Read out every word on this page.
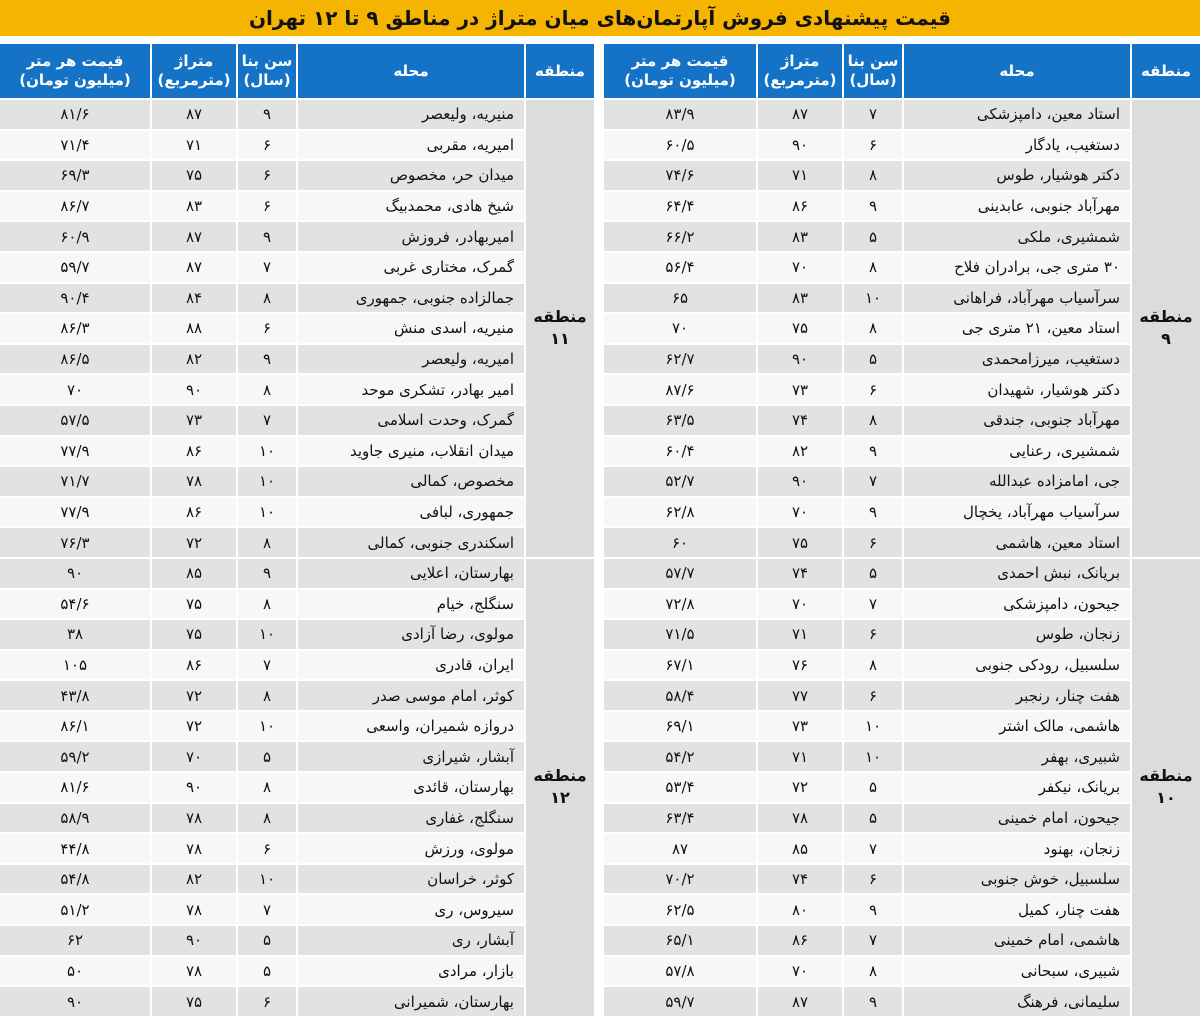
قیمت پیشنهادی فروش آپارتمان‌های میان متراژ در مناطق ۹ تا ۱۲ تهران
منطقه	محله	سن بنا (سال)	متراژ (مترمربع)	قیمت هر متر (میلیون تومان)
منطقه ۹	استاد معین، دامپزشکی	۷	۸۷	۸۳/۹
	دستغیب، یادگار	۶	۹۰	۶۰/۵
	دکتر هوشیار، طوس	۸	۷۱	۷۴/۶
	مهرآباد جنوبی، عابدینی	۹	۸۶	۶۴/۴
	شمشیری، ملکی	۵	۸۳	۶۶/۲
	۳۰ متری جی، برادران فلاح	۸	۷۰	۵۶/۴
	سرآسیاب مهرآباد، فراهانی	۱۰	۸۳	۶۵
	استاد معین، ۲۱ متری جی	۸	۷۵	۷۰
	دستغیب، میرزامحمدی	۵	۹۰	۶۲/۷
	دکتر هوشیار، شهیدان	۶	۷۳	۸۷/۶
	مهرآباد جنوبی، جندقی	۸	۷۴	۶۳/۵
	شمشیری، رعنایی	۹	۸۲	۶۰/۴
	جی، امامزاده عبدالله	۷	۹۰	۵۲/۷
	سرآسیاب مهرآباد، یخچال	۹	۷۰	۶۲/۸
	استاد معین، هاشمی	۶	۷۵	۶۰
منطقه ۱۰	بریانک، نبش احمدی	۵	۷۴	۵۷/۷
	جیحون، دامپزشکی	۷	۷۰	۷۲/۸
	زنجان، طوس	۶	۷۱	۷۱/۵
	سلسبیل، رودکی جنوبی	۸	۷۶	۶۷/۱
	هفت چنار، رنجبر	۶	۷۷	۵۸/۴
	هاشمی، مالک اشتر	۱۰	۷۳	۶۹/۱
	شبیری، بهفر	۱۰	۷۱	۵۴/۲
	بریانک، نیکفر	۵	۷۲	۵۳/۴
	جیحون، امام خمینی	۵	۷۸	۶۳/۴
	زنجان، بهنود	۷	۸۵	۸۷
	سلسبیل، خوش جنوبی	۶	۷۴	۷۰/۲
	هفت چنار، کمیل	۹	۸۰	۶۲/۵
	هاشمی، امام خمینی	۷	۸۶	۶۵/۱
	شبیری، سبحانی	۸	۷۰	۵۷/۸
	سلیمانی، فرهنگ	۹	۸۷	۵۹/۷
منطقه	محله	سن بنا (سال)	متراژ (مترمربع)	قیمت هر متر (میلیون تومان)
منطقه ۱۱	منیریه، ولیعصر	۹	۸۷	۸۱/۶
	امیریه، مقربی	۶	۷۱	۷۱/۴
	میدان حر، مخصوص	۶	۷۵	۶۹/۳
	شیخ هادی، محمدبیگ	۶	۸۳	۸۶/۷
	امیربهادر، فروزش	۹	۸۷	۶۰/۹
	گمرک، مختاری غربی	۷	۸۷	۵۹/۷
	جمالزاده جنوبی، جمهوری	۸	۸۴	۹۰/۴
	منیریه، اسدی منش	۶	۸۸	۸۶/۳
	امیریه، ولیعصر	۹	۸۲	۸۶/۵
	امیر بهادر، تشکری موحد	۸	۹۰	۷۰
	گمرک، وحدت اسلامی	۷	۷۳	۵۷/۵
	میدان انقلاب، منیری جاوید	۱۰	۸۶	۷۷/۹
	مخصوص، کمالی	۱۰	۷۸	۷۱/۷
	جمهوری، لبافی	۱۰	۸۶	۷۷/۹
	اسکندری جنوبی، کمالی	۸	۷۲	۷۶/۳
منطقه ۱۲	بهارستان، اعلایی	۹	۸۵	۹۰
	سنگلج، خیام	۸	۷۵	۵۴/۶
	مولوی، رضا آزادی	۱۰	۷۵	۳۸
	ایران، قادری	۷	۸۶	۱۰۵
	کوثر، امام موسی صدر	۸	۷۲	۴۳/۸
	دروازه شمیران، واسعی	۱۰	۷۲	۸۶/۱
	آبشار، شیرازی	۵	۷۰	۵۹/۲
	بهارستان، قائدی	۸	۹۰	۸۱/۶
	سنگلج، غفاری	۸	۷۸	۵۸/۹
	مولوی، ورزش	۶	۷۸	۴۴/۸
	کوثر، خراسان	۱۰	۸۲	۵۴/۸
	سیروس، ری	۷	۷۸	۵۱/۲
	آبشار، ری	۵	۹۰	۶۲
	بازار، مرادی	۵	۷۸	۵۰
	بهارستان، شمیرانی	۶	۷۵	۹۰
